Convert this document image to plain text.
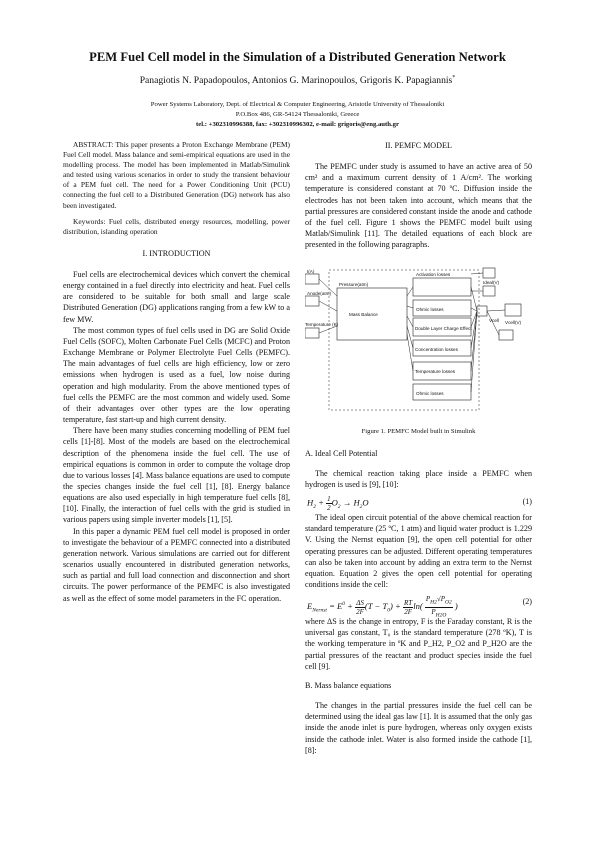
PEM Fuel Cell model in the Simulation of a Distributed Generation Network
Panagiotis N. Papadopoulos, Antonios G. Marinopoulos, Grigoris K. Papagiannis*
Power Systems Laboratory, Dept. of Electrical & Computer Engineering, Aristotle University of Thessaloniki
P.O.Box 486, GR-54124 Thessaloniki, Greece
tel.: +302310996388, fax: +302310996302, e-mail: grigoris@eng.auth.gr

ABSTRACT: This paper presents a Proton Exchange Membrane (PEM) Fuel Cell model. Mass balance and semi-empirical equations are used in the modelling process. The model has been implemented in Matlab/Simulink and tested using various scenarios in order to study the transient behaviour of a PEM fuel cell. The need for a Power Conditioning Unit (PCU) connecting the fuel cell to a Distributed Generation (DG) network has also been investigated.

Keywords: Fuel cells, distributed energy resources, modelling, power distribution, islanding operation

I. INTRODUCTION

Fuel cells are electrochemical devices which convert the chemical energy contained in a fuel directly into electricity and heat. Fuel cells are considered to be suitable for both small and large scale Distributed Generation (DG) applications ranging from a few kW to a few MW.

The most common types of fuel cells used in DG are Solid Oxide Fuel Cells (SOFC), Molten Carbonate Fuel Cells (MCFC) and Proton Exchange Membrane or Polymer Electrolyte Fuel Cells (PEMFC). The main advantages of fuel cells are high efficiency, low or zero emissions when hydrogen is used as a fuel, low noise during operation and high modularity. From the above mentioned types of fuel cells the PEMFC are the most common and widely used. Some of their advantages over other types are the low operating temperature, fast start-up and high current density.

There have been many studies concerning modelling of PEM fuel cells [1]-[8]. Most of the models are based on the electrochemical description of the phenomena inside the fuel cell. The use of empirical equations is common in order to compute the voltage drop due to various losses [4]. Mass balance equations are used to compute the species changes inside the fuel cell [1], [8]. Energy balance equations are also used especially in high temperature fuel cells [8], [10]. Finally, the interaction of fuel cells with the grid is studied in various papers using simple inverter models [1], [5].

In this paper a dynamic PEM fuel cell model is proposed in order to investigate the behaviour of a PEMFC connected into a distributed generation network. Various simulations are carried out for different scenarios usually encountered in distributed generation networks, such as partial and full load connection and disconnection and short circuits. The power performance of the PEMFC is also investigated as well as the effect of some model parameters in the FC operation.

II. PEMFC MODEL

The PEMFC under study is assumed to have an active area of 50 cm² and a maximum current density of 1 A/cm². The working temperature is considered constant at 70 ºC. Diffusion inside the electrodes has not been taken into account, which means that the partial pressures are considered constant inside the anode and cathode of the fuel cell. Figure 1 shows the PEMFC model built using Matlab/Simulink [11]. The detailed equations of each block are presented in the following paragraphs.

I(A)
Anode(atm)
Temperature (K)
Pressure(atm)
Mass Balance
Activation losses
Ohmic losses
Double Layer Charge Effect
Concentration losses
Temperature losses
Ohmic losses
Ideal(V)
Vcell Vcell(V)

Figure 1. PEMFC Model built in Simulink

A. Ideal Cell Potential

The chemical reaction taking place inside a PEMFC when hydrogen is used is [9], [10]:

$H_2 + \frac{1}{2} O_2 \to H_2O$	(1)

The ideal open circuit potential of the above chemical reaction for standard temperature (25 ºC, 1 atm) and liquid water product is 1.229 V. Using the Nernst equation [9], the open cell potential for other operating pressures can be adjusted. Different operating temperatures can also be taken into account by adding an extra term to the Nernst equation. Equation 2 gives the open cell potential for operating conditions inside the cell:

$E_{Nernst} = E^0 + \frac{\Delta S}{2F} (T - T_0) + \frac{RT}{2F} \ln( \frac{P_{H2}√P_{O2}}{P_{H2O}}$ )	(2)

where ΔS is the change in entropy, F is the Faraday constant, R is the universal gas constant, T₀ is the standard temperature (278 ºK), T is the working temperature in ºK and P_H2, P_O2 and P_H2O are the partial pressures of the reactant and product species inside the fuel cell [9].

B. Mass balance equations

The changes in the partial pressures inside the fuel cell can be determined using the ideal gas law [1]. It is assumed that the only gas inside the anode inlet is pure hydrogen, whereas only oxygen exists inside the cathode inlet. Water is also formed inside the cathode [1], [8]:
